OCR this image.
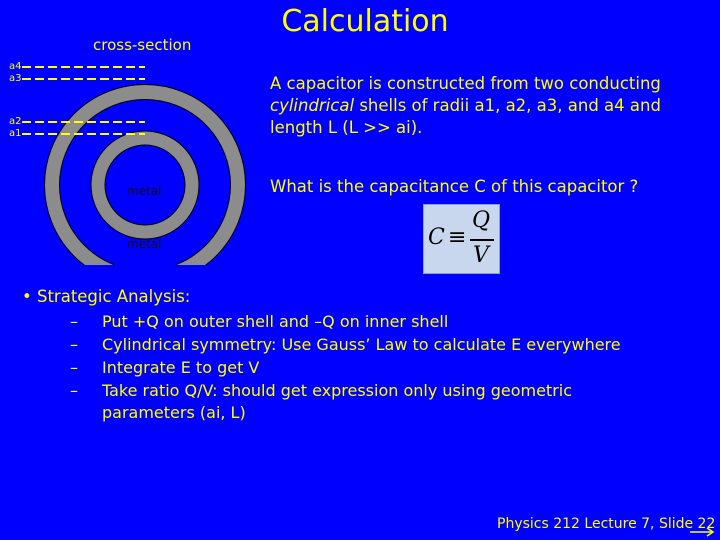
Calculation
cross-section
a4
a3
a2
a1
metal
metal
A capacitor is constructed from two conducting cylindrical shells of radii a1, a2, a3, and a4 and length L (L >> ai).
What is the capacitance C of this capacitor ?
C ≡
Q
V
• Strategic Analysis:
– Put +Q on outer shell and –Q on inner shell
– Cylindrical symmetry: Use Gauss’ Law to calculate E everywhere
– Integrate E to get V
–	Take ratio Q/V: should get expression only using geometric parameters (ai, L)
Physics 212 Lecture 7, Slide 22
